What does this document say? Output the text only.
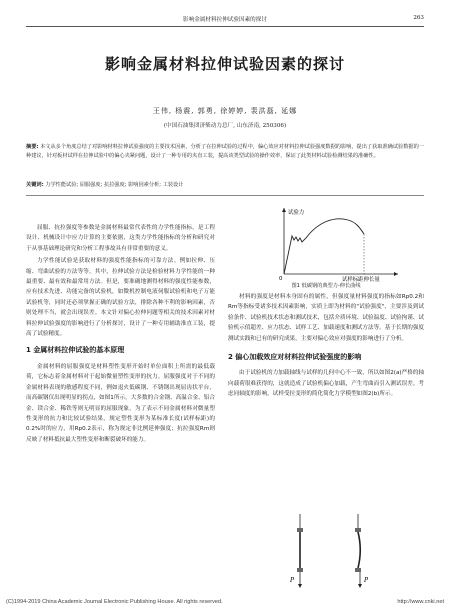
影响金属材料拉伸试验因素的探讨	263
影响金属材料拉伸试验因素的探讨
王伟, 杨震, 郭勇, 徐婷婷, 裴洪磊, 延娜
(中国石油集团济柴动力总厂, 山东济南, 250306)
摘要: 本文从多个角度总结了对影响材料拉伸试验强度的主要技术因素，分析了在拉伸试验的过程中，偏心效应对材料拉伸试验强度数据的影响，提出了获取准确试验数据的一种建议，针对板材试样在拉伸试验中的偏心夹紧问题，设计了一种专用的夹直工装，提高该类型试验的操作效率，保证了此类材料试验检测结果的准确性。
关键词: 力学性能试验; 屈服强度; 抗拉强度; 影响因素分析; 工装设计

屈服、抗拉强度等参数是金属材料最常代表性的力学性能指标，是工程设计、机械设计中应力计算的主要依据，这类力学性能指标的分析和研究对于从事基础理论研究和分析工程事故具有非常重要的意义。

力学性能试验是获取材料的强度性能指标的可靠方法。例如拉伸、压缩、弯曲试验的方法等等。其中，拉伸试验方法是检验材料力学性能的一种最重要、最有效和最常用方法。但是，要准确地测得材料的强度性能参数，应有技术先进、功能完备的试验机，如微机控制电液伺服试验机和电子万能试验机等，同时还必须掌握正确的试验方法，排除各种不利的影响因素，否则处理不当，就会出现误差。本文针对偏心拉伸问题等相关的技术因素对材料拉伸试验强度的影响进行了分析探讨，设计了一种专用辅助准直工装，提高了试验精度。

1 金属材料拉伸试验的基本原理

金属材料的屈服强度是材料塑性变形开始时单位面积上所需的最低载荷，它标志着金属材料对于起始微量塑性变形的抗力。屈服强度对于不同的金属材料表现的敏感程度不同，例如退火低碳钢、不锈钢出现屈齿状平台，而高碳钢仅出现明显的拐点，如图1所示。大多数的合金钢、高温合金、铝合金、镁合金、稀铁等则无明显的屈服现象。为了表示不同金属材料对微量塑性变形的抗力和比较试验结果，规定塑性变形为某标准长度(试样标距)的0.2%时的应力，用Rp0.2表示，称为规定非比例延伸强度；抗拉强度Rm则反映了材料抵抗最大塑性变形和断裂破坏的能力。

试验力
试样标距伸长量
0
图1 低碳钢的典型力-伸长曲线

材料的强度是材料本身固有的属性，但强度量材料强度的指标如Rp0.2和Rm等指标受诸多技术因素影响，实质上即为材料的"试验强度"，主要涉及到试验条件、试验机技术状态和测试技术，包括介质环境、试验温度、试验拘谨、试验机示值超差、应力状态、试样工艺、加载速度和测试方法等。基于长期的强度测试实践和已有的研究成果，主要对偏心效应对强度的影响进行了分析。

2 偏心加载效应对材料拉伸试验强度的影响

由于试验机的力加载轴线与试样的几何中心不一致，所以如图2(a)严格的轴向载荷很难获得的，这就造成了试验机偏心加载，产生弯曲而引入测试误差。考虑同轴度的影响，试样受拉变形的简化简化力学模型如图2(b)所示。

P	P
(C)1994-2019 China Academic Journal Electronic Publishing House. All rights reserved.	http://www.cnki.net
